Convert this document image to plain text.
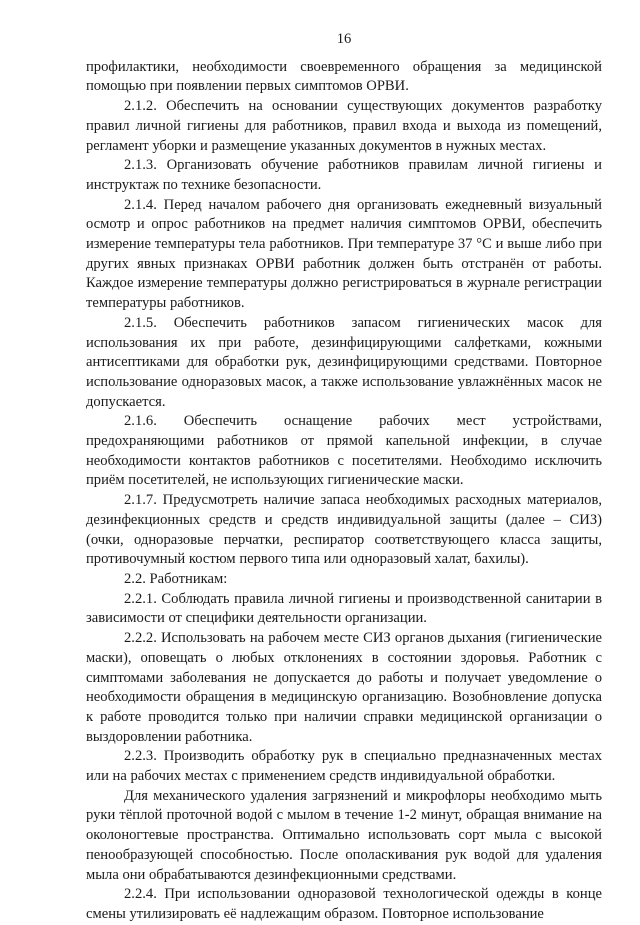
16

профилактики, необходимости своевременного обращения за медицинской помощью при появлении первых симптомов ОРВИ.

2.1.2. Обеспечить на основании существующих документов разработку правил личной гигиены для работников, правил входа и выхода из помещений, регламент уборки и размещение указанных документов в нужных местах.

2.1.3. Организовать обучение работников правилам личной гигиены и инструктаж по технике безопасности.

2.1.4. Перед началом рабочего дня организовать ежедневный визуальный осмотр и опрос работников на предмет наличия симптомов ОРВИ, обеспечить измерение температуры тела работников. При температуре 37 °С и выше либо при других явных признаках ОРВИ работник должен быть отстранён от работы. Каждое измерение температуры должно регистрироваться в журнале регистрации температуры работников.

2.1.5. Обеспечить работников запасом гигиенических масок для использования их при работе, дезинфицирующими салфетками, кожными антисептиками для обработки рук, дезинфицирующими средствами. Повторное использование одноразовых масок, а также использование увлажнённых масок не допускается.

2.1.6. Обеспечить оснащение рабочих мест устройствами, предохраняющими работников от прямой капельной инфекции, в случае необходимости контактов работников с посетителями. Необходимо исключить приём посетителей, не использующих гигиенические маски.

2.1.7. Предусмотреть наличие запаса необходимых расходных материалов, дезинфекционных средств и средств индивидуальной защиты (далее – СИЗ) (очки, одноразовые перчатки, респиратор соответствующего класса защиты, противочумный костюм первого типа или одноразовый халат, бахилы).

2.2. Работникам:

2.2.1. Соблюдать правила личной гигиены и производственной санитарии в зависимости от специфики деятельности организации.

2.2.2. Использовать на рабочем месте СИЗ органов дыхания (гигиенические маски), оповещать о любых отклонениях в состоянии здоровья. Работник с симптомами заболевания не допускается до работы и получает уведомление о необходимости обращения в медицинскую организацию. Возобновление допуска к работе проводится только при наличии справки медицинской организации о выздоровлении работника.

2.2.3. Производить обработку рук в специально предназначенных местах или на рабочих местах с применением средств индивидуальной обработки.

Для механического удаления загрязнений и микрофлоры необходимо мыть руки тёплой проточной водой с мылом в течение 1-2 минут, обращая внимание на околоногтевые пространства. Оптимально использовать сорт мыла с высокой пенообразующей способностью. После ополаскивания рук водой для удаления мыла они обрабатываются дезинфекционными средствами.

2.2.4. При использовании одноразовой технологической одежды в конце смены утилизировать её надлежащим образом. Повторное использование
